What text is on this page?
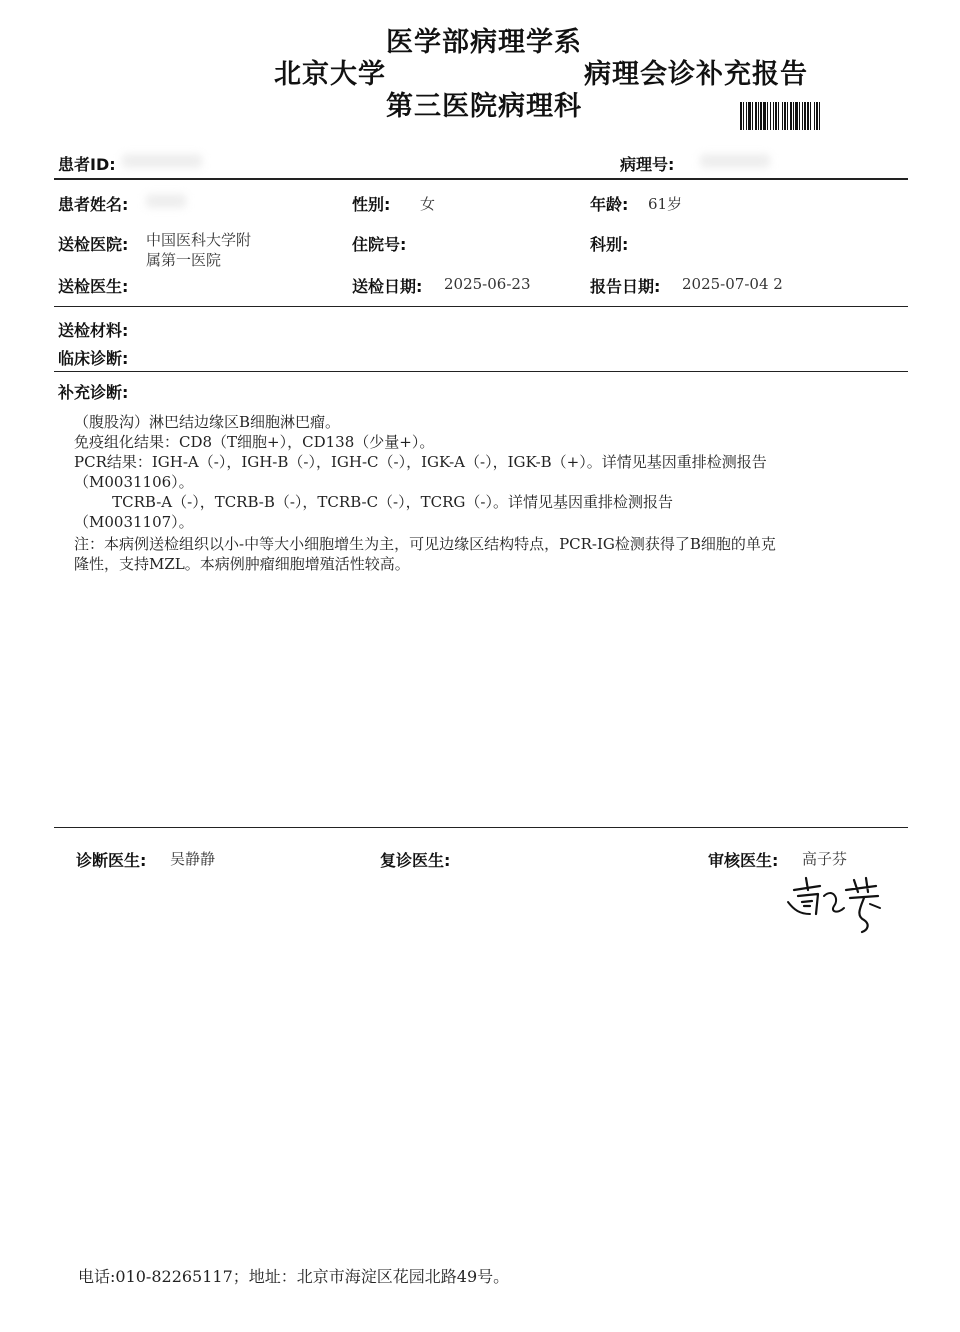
医学部病理学系
北京大学	病理会诊补充报告
第三医院病理科
患者ID:	病理号:
患者姓名:	性别: 女	年龄: 61岁
送检医院: 中国医科大学附
属第一医院
住院号:	科别:
送检医生:	送检日期: 2025-06-23	报告日期: 2025-07-04 2
送检材料:
临床诊断:
补充诊断:
（腹股沟）淋巴结边缘区B细胞淋巴瘤。
免疫组化结果：CD8（T细胞+），CD138（少量+）。
PCR结果：IGH-A（-），IGH-B（-），IGH-C（-），IGK-A（-），IGK-B（+）。详情见基因重排检测报告
（M0031106）。
TCRB-A（-），TCRB-B（-），TCRB-C（-），TCRG（-）。详情见基因重排检测报告
（M0031107）。
注：本病例送检组织以小-中等大小细胞增生为主，可见边缘区结构特点，PCR-IG检测获得了B细胞的单克
隆性，支持MZL。本病例肿瘤细胞增殖活性较高。
诊断医生: 吴静静	复诊医生:	审核医生: 高子芬
电话:010-82265117；地址：北京市海淀区花园北路49号。
